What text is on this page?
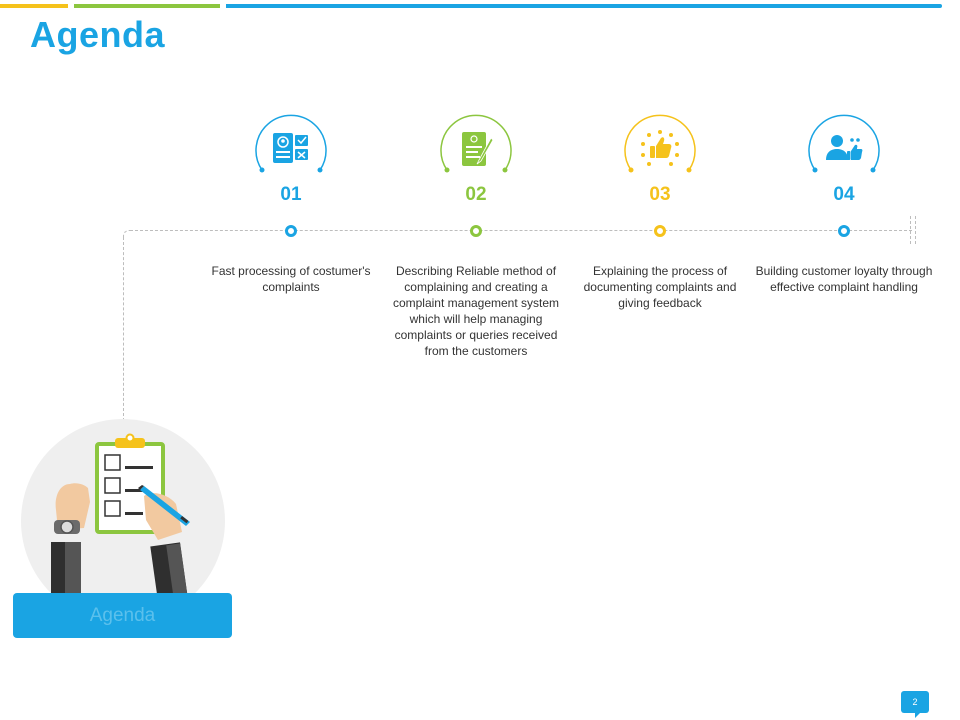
Agenda
01
Fast processing of costumer's complaints
02
Describing Reliable method of complaining and creating a complaint management system which will help managing complaints or queries received from the customers
03
Explaining the process of documenting complaints and giving feedback
04
Building customer loyalty through effective complaint handling
Agenda
2
